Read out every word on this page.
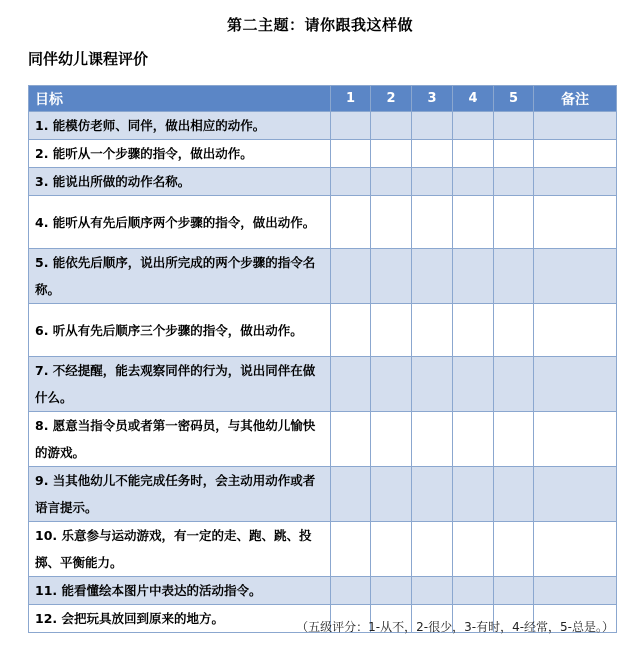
第二主题：请你跟我这样做
同伴幼儿课程评价
目标	1	2	3	4	5	备注
1. 能模仿老师、同伴，做出相应的动作。						
2. 能听从一个步骤的指令，做出动作。						
3. 能说出所做的动作名称。						
4. 能听从有先后顺序两个步骤的指令，做出动作。						
5. 能依先后顺序，说出所完成的两个步骤的指令名称。						
6. 听从有先后顺序三个步骤的指令，做出动作。						
7. 不经提醒，能去观察同伴的行为，说出同伴在做什么。						
8. 愿意当指令员或者第一密码员，与其他幼儿愉快的游戏。						
9. 当其他幼儿不能完成任务时，会主动用动作或者语言提示。						
10. 乐意参与运动游戏，有一定的走、跑、跳、投掷、平衡能力。						
11. 能看懂绘本图片中表达的活动指令。						
12. 会把玩具放回到原来的地方。						
（五级评分：1-从不，2-很少，3-有时，4-经常，5-总是。）
